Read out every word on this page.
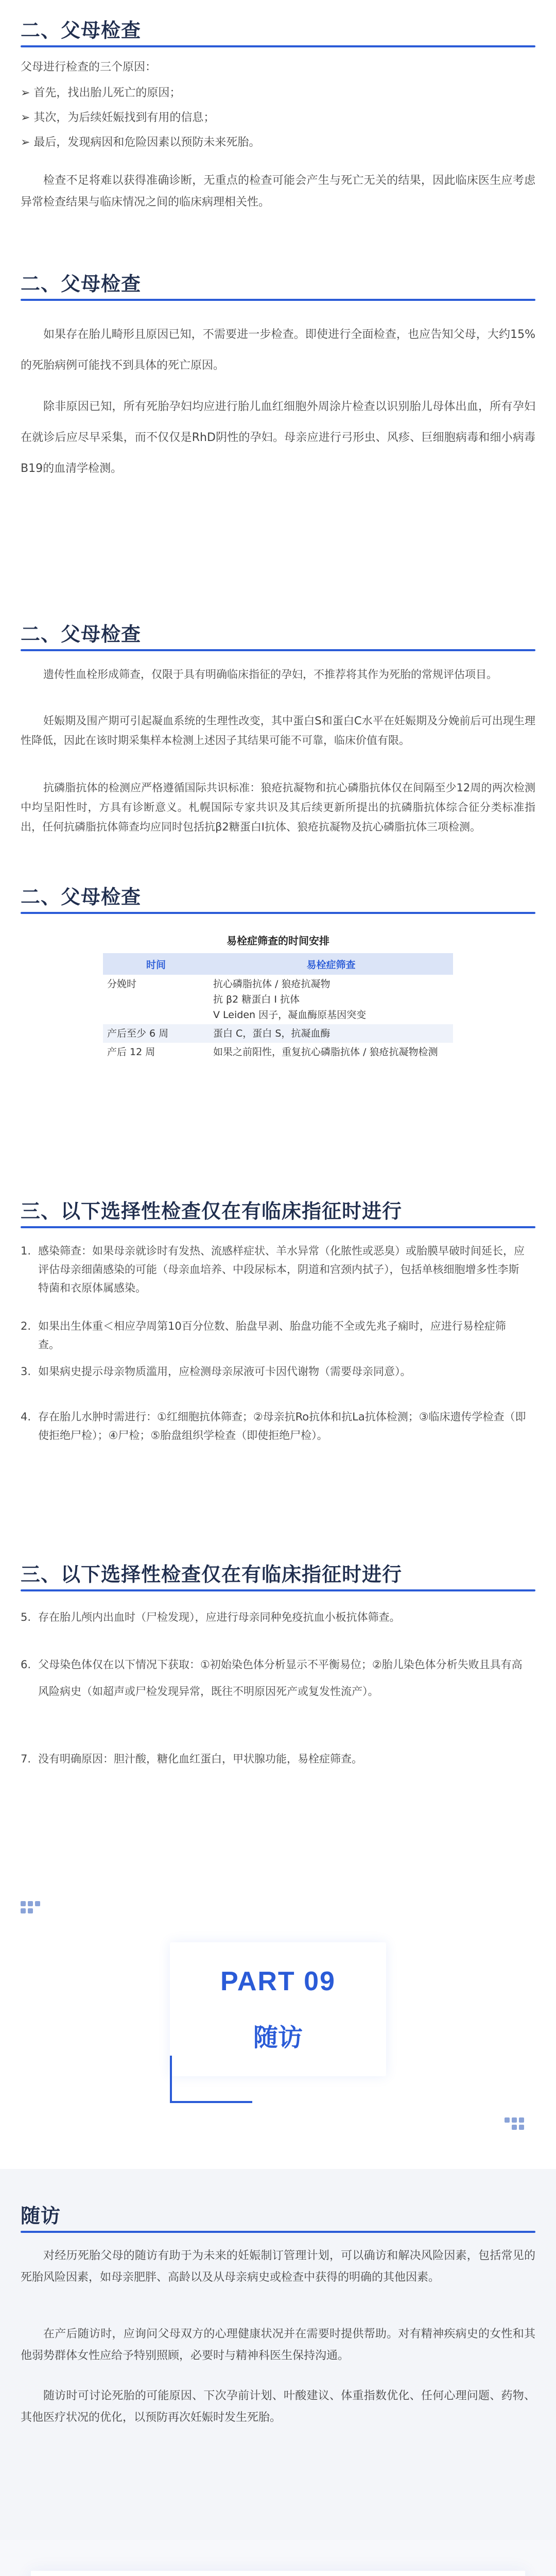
二、父母检查
父母进行检查的三个原因：
➢ 首先，找出胎儿死亡的原因；
➢ 其次，为后续妊娠找到有用的信息；
➢ 最后，发现病因和危险因素以预防未来死胎。

检查不足将难以获得准确诊断，无重点的检查可能会产生与死亡无关的结果，因此临床医生应考虑异常检查结果与临床情况之间的临床病理相关性。

二、父母检查

如果存在胎儿畸形且原因已知，不需要进一步检查。即使进行全面检查，也应告知父母，大约15%的死胎病例可能找不到具体的死亡原因。

除非原因已知，所有死胎孕妇均应进行胎儿血红细胞外周涂片检查以识别胎儿母体出血，所有孕妇在就诊后应尽早采集，而不仅仅是RhD阴性的孕妇。母亲应进行弓形虫、风疹、巨细胞病毒和细小病毒B19的血清学检测。

二、父母检查

遗传性血栓形成筛查，仅限于具有明确临床指征的孕妇，不推荐将其作为死胎的常规评估项目。

妊娠期及围产期可引起凝血系统的生理性改变，其中蛋白S和蛋白C水平在妊娠期及分娩前后可出现生理性降低，因此在该时期采集样本检测上述因子其结果可能不可靠，临床价值有限。

抗磷脂抗体的检测应严格遵循国际共识标准：狼疮抗凝物和抗心磷脂抗体仅在间隔至少12周的两次检测中均呈阳性时，方具有诊断意义。札幌国际专家共识及其后续更新所提出的抗磷脂抗体综合征分类标准指出，任何抗磷脂抗体筛查均应同时包括抗β2糖蛋白I抗体、狼疮抗凝物及抗心磷脂抗体三项检测。

二、父母检查
易栓症筛查的时间安排
时间	易栓症筛查
分娩时	抗心磷脂抗体 / 狼疮抗凝物
抗 β2 糖蛋白 I 抗体
V Leiden 因子，凝血酶原基因突变

产后至少 6 周	蛋白 C，蛋白 S，抗凝血酶

产后 12 周	如果之前阳性，重复抗心磷脂抗体 / 狼疮抗凝物检测
三、以下选择性检查仅在有临床指征时进行
1. 感染筛查：如果母亲就诊时有发热、流感样症状、羊水异常（化脓性或恶臭）或胎膜早破时间延长，应评估母亲细菌感染的可能（母亲血培养、中段尿标本，阴道和宫颈内拭子），包括单核细胞增多性李斯特菌和衣原体属感染。
2. 如果出生体重＜相应孕周第10百分位数、胎盘早剥、胎盘功能不全或先兆子痫时，应进行易栓症筛查。
3. 如果病史提示母亲物质滥用，应检测母亲尿液可卡因代谢物（需要母亲同意）。
4. 存在胎儿水肿时需进行：①红细胞抗体筛查；②母亲抗Ro抗体和抗La抗体检测；③临床遗传学检查（即使拒绝尸检）；④尸检；⑤胎盘组织学检查（即使拒绝尸检）。
三、以下选择性检查仅在有临床指征时进行
5. 存在胎儿颅内出血时（尸检发现），应进行母亲同种免疫抗血小板抗体筛查。
6. 父母染色体仅在以下情况下获取：①初始染色体分析显示不平衡易位；②胎儿染色体分析失败且具有高风险病史（如超声或尸检发现异常，既往不明原因死产或复发性流产）。
7. 没有明确原因：胆汁酸，糖化血红蛋白，甲状腺功能，易栓症筛查。
PART 09
随访
随访

对经历死胎父母的随访有助于为未来的妊娠制订管理计划，可以确访和解决风险因素，包括常见的死胎风险因素，如母亲肥胖、高龄以及从母亲病史或检查中获得的明确的其他因素。

在产后随访时，应询问父母双方的心理健康状况并在需要时提供帮助。对有精神疾病史的女性和其他弱势群体女性应给予特别照顾，必要时与精神科医生保持沟通。

随访时可讨论死胎的可能原因、下次孕前计划、叶酸建议、体重指数优化、任何心理问题、药物、其他医疗状况的优化，以预防再次妊娠时发生死胎。
